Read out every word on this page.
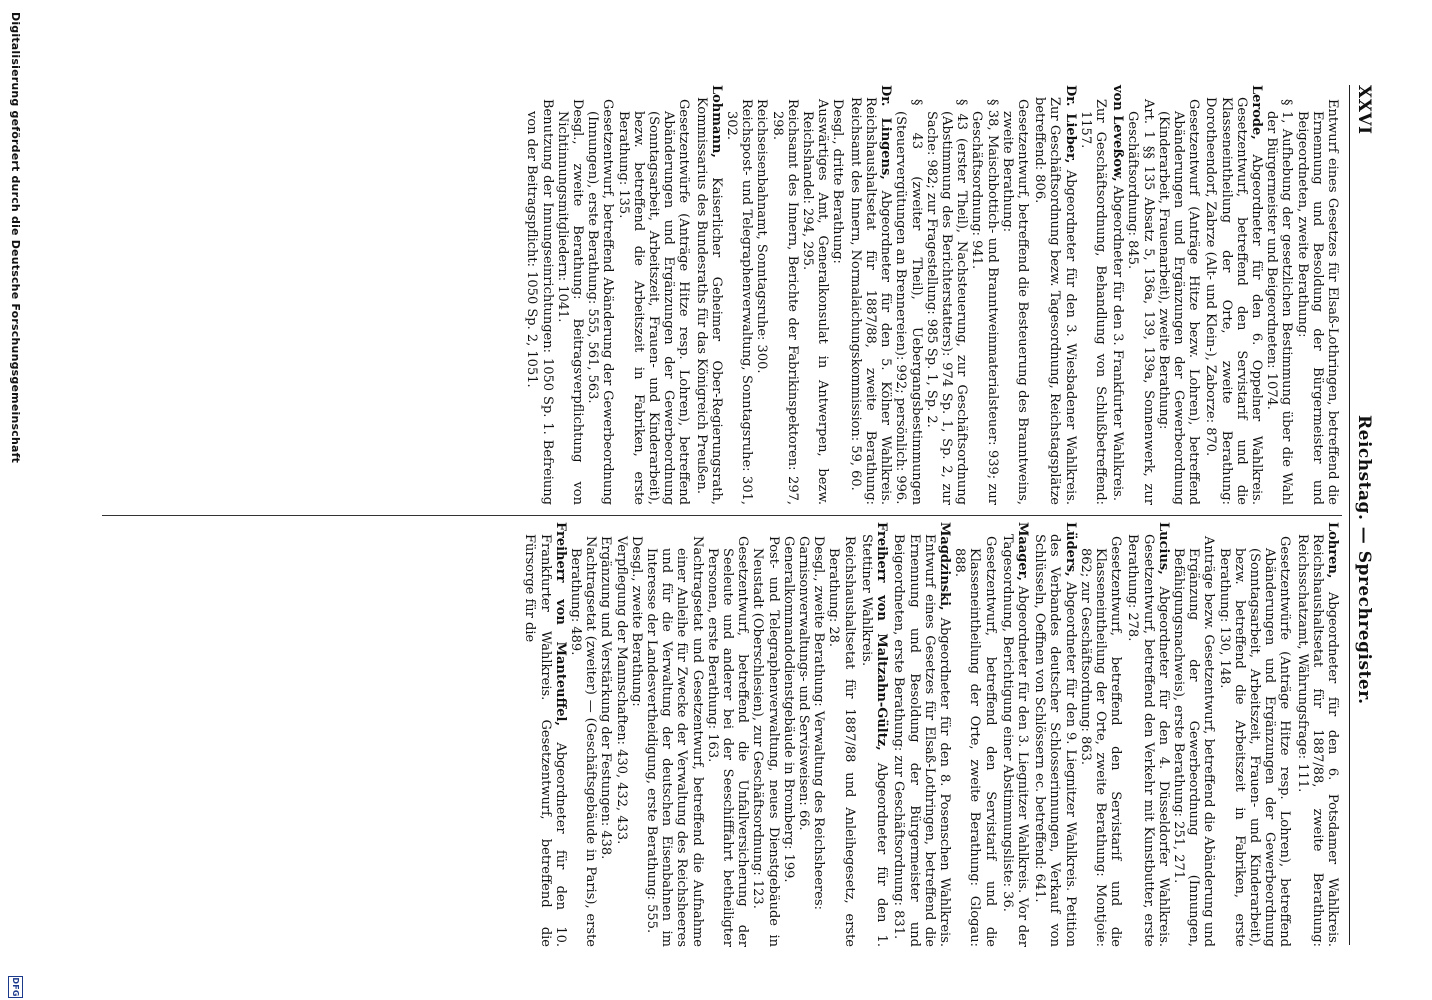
XXVI
Reichstag. — Sprechregister.

Entwurf eines Gesetzes für Elsaß-Lothringen, betreffend die Ernennung und Besoldung der Bürgermeister und Beigeordneten, zweite Berathung:

§ 1, Aufhebung der gesetzlichen Bestimmung über die Wahl der Bürgermeister und Beigeordneten: 1074.

Lerode, Abgeordneter für den 6. Oppelner Wahlkreis. Gesetzentwurf, betreffend den Servistarif und die Klasseneintheilung der Orte, zweite Berathung: Dorotheendorf, Zabrze (Alt- und Klein-), Zaborze: 870.

Gesetzentwurf (Anträge Hitze bezw. Lohren), betreffend Abänderungen und Ergänzungen der Gewerbeordnung (Kinderarbeit, Frauenarbeit), zweite Berathung:

Art. 1 §§ 135 Absatz 5, 136a, 139, 139a, Sonnenwerk, zur Geschäftsordnung: 845.

von Leveßow, Abgeordneter für den 3. Frankfurter Wahlkreis.

Zur Geschäftsordnung, Behandlung von Schlußbetreffend: 1157.

Dr. Lieber, Abgeordneter für den 3. Wiesbadener Wahlkreis. Zur Geschäftsordnung bezw. Tagesordnung, Reichstagsplätze betreffend: 806.

Gesetzentwurf, betreffend die Besteuerung des Branntweins, zweite Berathung:

§ 38, Maischbottich- und Branntweinmaterialsteuer: 939; zur Geschäftsordnung: 941.

§ 43 (erster Theil), Nachsteuerung, zur Geschäftsordnung (Abstimmung des Berichterstatters): 974 Sp. 1, Sp. 2, zur Sache: 982; zur Fragestellung: 985 Sp. 1, Sp. 2.

§ 43 (zweiter Theil), Uebergangsbestimmungen (Steuervergütungen an Brennereien): 992; persönlich: 996.

Dr. Lingens, Abgeordneter für den 5. Kölner Wahlkreis. Reichshaushaltsetat für 1887/88, zweite Berathung: Reichsamt des Innern, Normalaichungskommission: 59, 60.

Desgl., dritte Berathung:

Auswärtiges Amt, Generalkonsulat in Antwerpen, bezw. Reichshandel: 294, 295.

Reichsamt des Innern, Berichte der Fabrikinspektoren: 297, 298.

Reichseisenbahnamt, Sonntagsruhe: 300.

Reichspost- und Telegraphenverwaltung, Sonntagsruhe: 301, 302.

Lohmann, Kaiserlicher Geheimer Ober-Regierungsrath, Kommissarius des Bundesraths für das Königreich Preußen.

Gesetzentwürfe (Anträge Hitze resp. Lohren), betreffend Abänderungen und Ergänzungen der Gewerbeordnung (Sonntagsarbeit, Arbeitszeit, Frauen- und Kinderarbeit), bezw. betreffend die Arbeitszeit in Fabriken, erste Berathung: 135.

Gesetzentwurf, betreffend Abänderung der Gewerbeordnung (Innungen), erste Berathung: 555, 561, 563.

Desgl., zweite Berathung: Beitragsverpflichtung von Nichtinnungsmitgliedern: 1041.

Benutzung der Innungseinrichtungen: 1050 Sp. 1. Befreiung von der Beitragspflicht: 1050 Sp. 2, 1051.

Lohren, Abgeordneter für den 6. Potsdamer Wahlkreis. Reichshaushaltsetat für 1887/88, zweite Berathung: Reichsschatzamt, Währungsfrage: 111.

Gesetzentwürfe (Anträge Hitze resp. Lohren), betreffend Abänderungen und Ergänzungen der Gewerbeordnung (Sonntagsarbeit, Arbeitszeit, Frauen- und Kinderarbeit), bezw. betreffend die Arbeitszeit in Fabriken, erste Berathung: 130, 148.

Anträge bezw. Gesetzentwurf, betreffend die Abänderung und Ergänzung der Gewerbeordnung (Innungen, Befähigungsnachweis), erste Berathung: 251, 271.

Lucius, Abgeordneter für den 4. Düsseldorfer Wahlkreis. Gesetzentwurf, betreffend den Verkehr mit Kunstbutter, erste Berathung: 278.

Gesetzentwurf, betreffend den Servistarif und die Klasseneintheilung der Orte, zweite Berathung: Montjoie: 862; zur Geschäftsordnung: 863.

Lüders, Abgeordneter für den 9. Liegnitzer Wahlkreis. Petition des Verbandes deutscher Schlosserinnungen, Verkauf von Schlüsseln, Oeffnen von Schlössern ec. betreffend: 641.

Maager, Abgeordneter für den 3. Liegnitzer Wahlkreis. Vor der Tagesordnung, Berichtigung einer Abstimmungsliste: 36.

Gesetzentwurf, betreffend den Servistarif und die Klasseneintheilung der Orte, zweite Berathung: Glogau: 888.

Magdzinski, Abgeordneter für den 8. Posenschen Wahlkreis. Entwurf eines Gesetzes für Elsaß-Lothringen, betreffend die Ernennung und Besoldung der Bürgermeister und Beigeordneten, erste Berathung: zur Geschäftsordnung: 831.

Freiherr von Maltzahn-Gültz, Abgeordneter für den 1. Stettiner Wahlkreis.

Reichshaushaltsetat für 1887/88 und Anleihegesetz, erste Berathung: 28.

Desgl., zweite Berathung: Verwaltung des Reichsheeres:

Garnisonverwaltungs- und Servisweisen: 66.

Generalkommandodienstgebäude in Bromberg: 199.

Post- und Telegraphenverwaltung, neues Dienstgebäude in Neustadt (Oberschlesien), zur Geschäftsordnung: 123.

Gesetzentwurf, betreffend die Unfallversicherung der Seeleute und anderer bei der Seeschifffahrt betheiligter Personen, erste Berathung: 163.

Nachtragsetat und Gesetzentwurf, betreffend die Aufnahme einer Anleihe für Zwecke der Verwaltung des Reichsheeres und für die Verwaltung der deutschen Eisenbahnen im Interesse der Landesvertheidigung, erste Berathung: 555.

Desgl., zweite Berathung:

Verpflegung der Mannschaften: 430, 432, 433.

Ergänzung und Verstärkung der Festungen: 438.

Nachtragsetat (zweiter) — (Geschäftsgebäude in Paris), erste Berathung: 489.

Freiherr von Manteuffel, Abgeordneter für den 10. Frankfurter Wahlkreis. Gesetzentwurf, betreffend die Fürsorge für die

Digitalisierung gefördert durch die Deutsche Forschungsgemeinschaft
DFG
